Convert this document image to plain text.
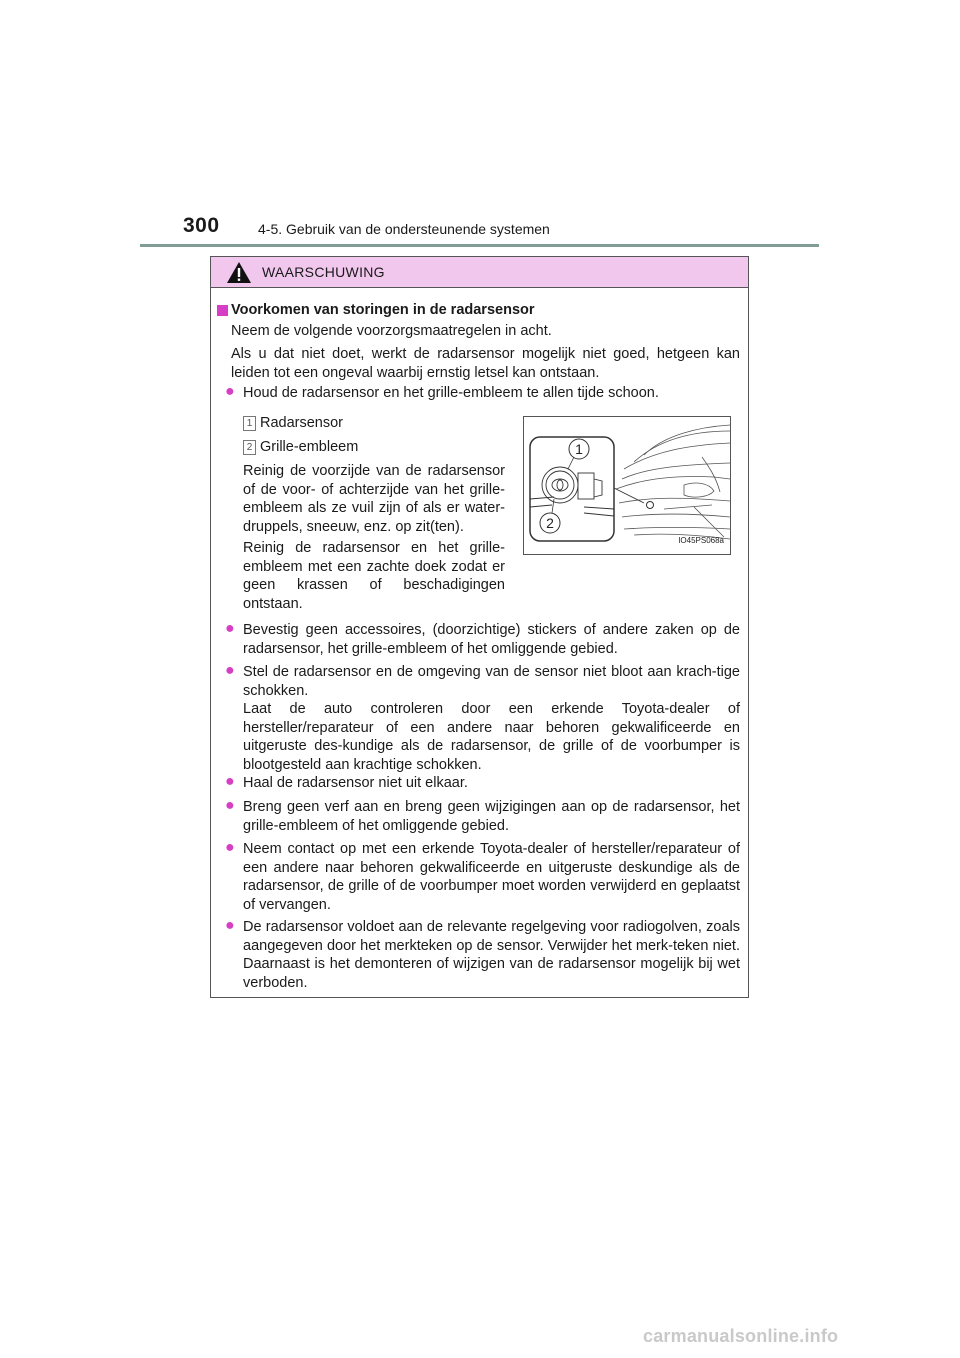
300	4-5. Gebruik van de ondersteunende systemen
WAARSCHUWING
Voorkomen van storingen in de radarsensor
Neem de volgende voorzorgsmaatregelen in acht.
Als u dat niet doet, werkt de radarsensor mogelijk niet goed, hetgeen kan leiden tot een ongeval waarbij ernstig letsel kan ontstaan.
● Houd de radarsensor en het grille-embleem te allen tijde schoon.
1 Radarsensor
2 Grille-embleem
Reinig de voorzijde van de radarsensor of de voor- of achterzijde van het grille-embleem als ze vuil zijn of als er water-druppels, sneeuw, enz. op zit(ten).
Reinig de radarsensor en het grille-embleem met een zachte doek zodat er geen krassen of beschadigingen ontstaan.
1
2
IO45PS068a
● Bevestig geen accessoires, (doorzichtige) stickers of andere zaken op de radarsensor, het grille-embleem of het omliggende gebied.
● Stel de radarsensor en de omgeving van de sensor niet bloot aan krach-tige schokken.
Laat de auto controleren door een erkende Toyota-dealer of hersteller/reparateur of een andere naar behoren gekwalificeerde en uitgeruste des-kundige als de radarsensor, de grille of de voorbumper is blootgesteld aan krachtige schokken.
● Haal de radarsensor niet uit elkaar.
● Breng geen verf aan en breng geen wijzigingen aan op de radarsensor, het grille-embleem of het omliggende gebied.
● Neem contact op met een erkende Toyota-dealer of hersteller/reparateur of een andere naar behoren gekwalificeerde en uitgeruste deskundige als de radarsensor, de grille of de voorbumper moet worden verwijderd en geplaatst of vervangen.
● De radarsensor voldoet aan de relevante regelgeving voor radiogolven, zoals aangegeven door het merkteken op de sensor. Verwijder het merk-teken niet. Daarnaast is het demonteren of wijzigen van de radarsensor mogelijk bij wet verboden.
carmanualsonline.info
